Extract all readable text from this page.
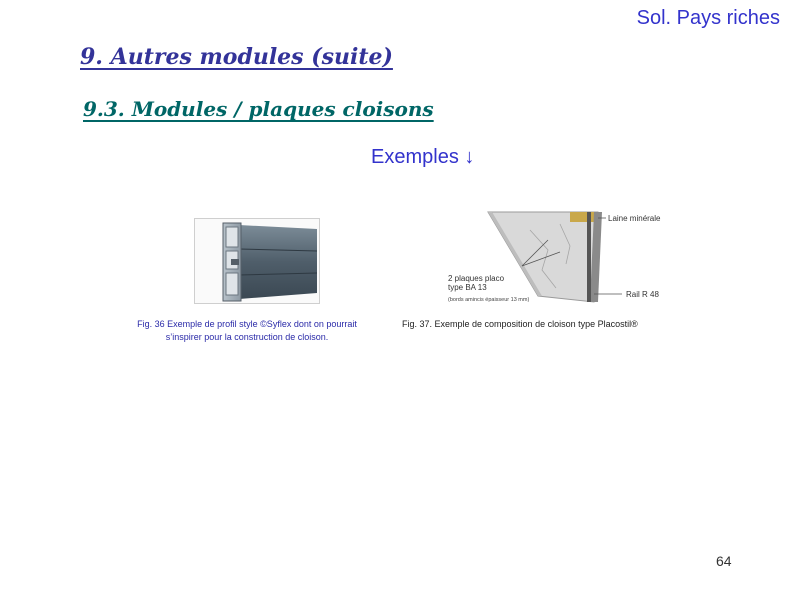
Sol. Pays riches
9. Autres modules (suite)
9.3. Modules / plaques cloisons
Exemples ↓
Laine minérale
2 plaques placo
type BA 13
(bords amincis épaisseur 13 mm)
Rail R 48
Fig. 36 Exemple de profil style ©Syflex dont on pourrait s’inspirer pour la construction de cloison.
Fig. 37. Exemple de composition de cloison type Placostil®
64
